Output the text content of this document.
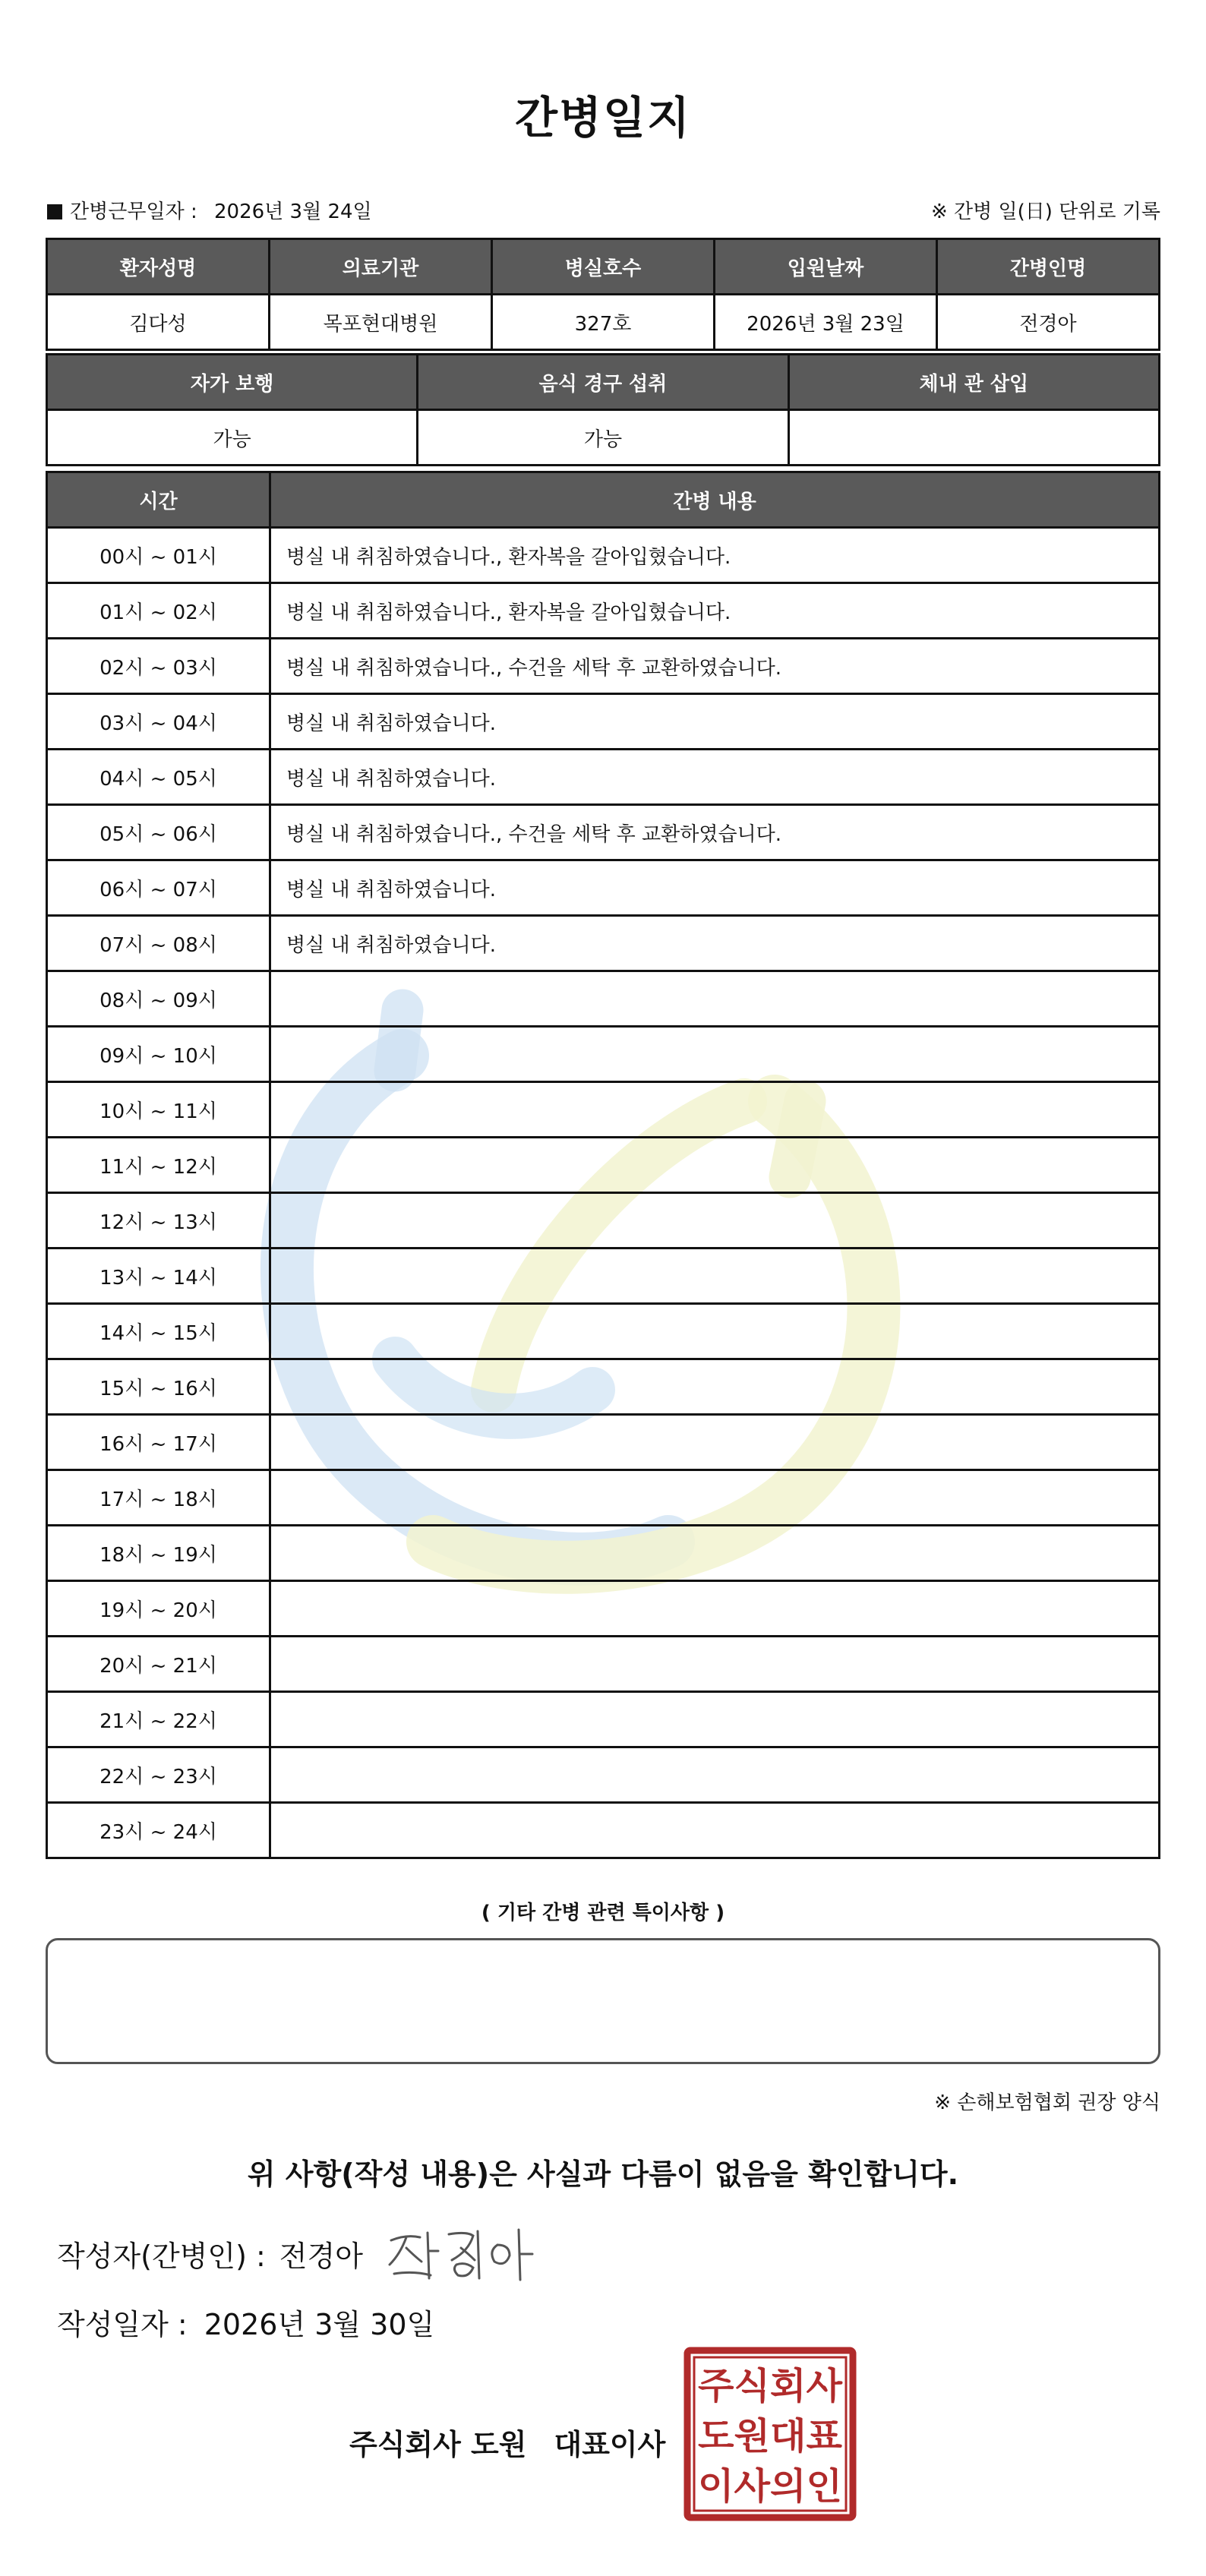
간병일지
간병근무일자 : 2026년 3월 24일	※ 간병 일(日) 단위로 기록
환자성명	의료기관	병실호수	입원날짜	간병인명
김다성	목포현대병원	327호	2026년 3월 23일	전경아
자가 보행	음식 경구 섭취	체내 관 삽입
가능	가능	
시간	간병 내용
00시 ~ 01시	병실 내 취침하였습니다., 환자복을 갈아입혔습니다.
01시 ~ 02시	병실 내 취침하였습니다., 환자복을 갈아입혔습니다.
02시 ~ 03시	병실 내 취침하였습니다., 수건을 세탁 후 교환하였습니다.
03시 ~ 04시	병실 내 취침하였습니다.
04시 ~ 05시	병실 내 취침하였습니다.
05시 ~ 06시	병실 내 취침하였습니다., 수건을 세탁 후 교환하였습니다.
06시 ~ 07시	병실 내 취침하였습니다.
07시 ~ 08시	병실 내 취침하였습니다.
08시 ~ 09시	
09시 ~ 10시	
10시 ~ 11시	
11시 ~ 12시	
12시 ~ 13시	
13시 ~ 14시	
14시 ~ 15시	
15시 ~ 16시	
16시 ~ 17시	
17시 ~ 18시	
18시 ~ 19시	
19시 ~ 20시	
20시 ~ 21시	
21시 ~ 22시	
22시 ~ 23시	
23시 ~ 24시	
( 기타 간병 관련 특이사항 )
※ 손해보험협회 권장 양식
위 사항(작성 내용)은 사실과 다름이 없음을 확인합니다.
작성자(간병인) : 전경아
작성일자 : 2026년 3월 30일
주식회사 도원 대표이사
주식회사
도원대표
이사의인
